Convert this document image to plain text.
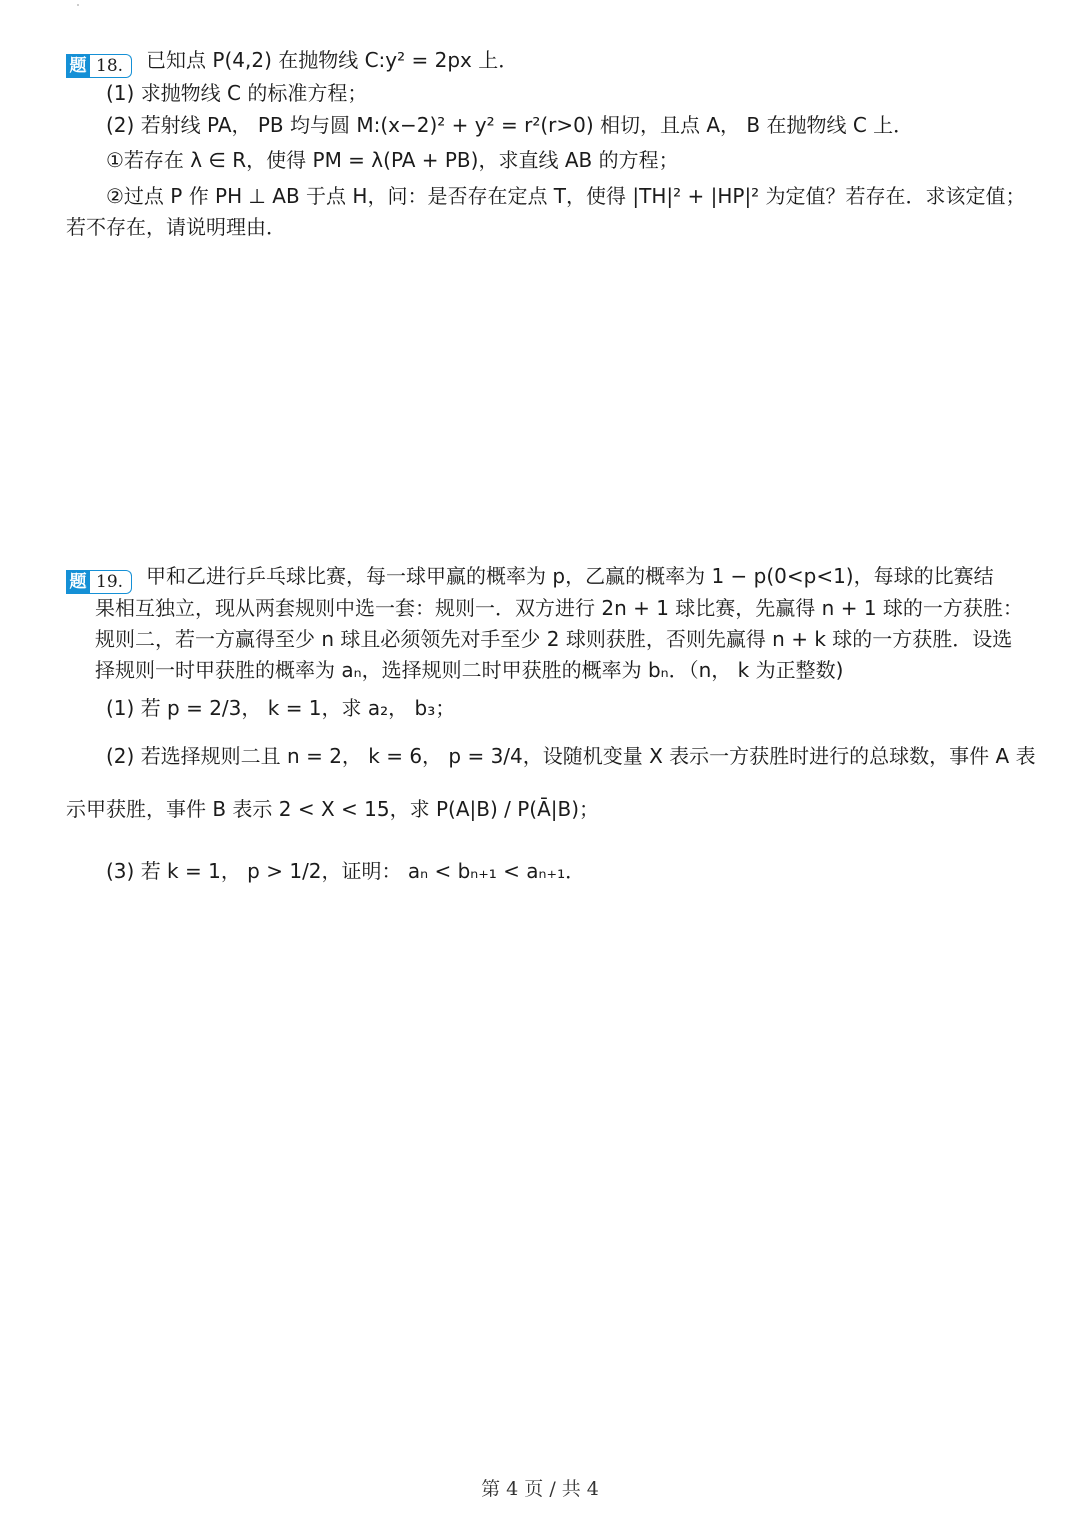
题 18.	已知点 P(4,2) 在抛物线 C:y² = 2px 上．
(1) 求抛物线 C 的标准方程；
(2) 若射线 PA， PB 均与圆 M:(x−2)² + y² = r²(r>0) 相切，且点 A， B 在抛物线 C 上．
①若存在 λ ∈ R，使得 PM = λ(PA + PB)，求直线 AB 的方程；
②过点 P 作 PH ⊥ AB 于点 H，问：是否存在定点 T，使得 |TH|² + |HP|² 为定值？若存在．求该定值；
若不存在，请说明理由．
题 19.	甲和乙进行乒乓球比赛，每一球甲赢的概率为 p，乙赢的概率为 1 − p(0<p<1)，每球的比赛结
果相互独立，现从两套规则中选一套：规则一．双方进行 2n + 1 球比赛，先赢得 n + 1 球的一方获胜：
规则二，若一方赢得至少 n 球且必须领先对手至少 2 球则获胜，否则先赢得 n + k 球的一方获胜．设选
择规则一时甲获胜的概率为 aₙ，选择规则二时甲获胜的概率为 bₙ．（n， k 为正整数)
(1) 若 p = 2/3， k = 1，求 a₂， b₃；
(2) 若选择规则二且 n = 2， k = 6， p = 3/4，设随机变量 X 表示一方获胜时进行的总球数，事件 A 表
示甲获胜，事件 B 表示 2 < X < 15，求 P(A|B) / P(Ā|B)；
(3) 若 k = 1， p > 1/2，证明： aₙ < bₙ₊₁ < aₙ₊₁．
第 4 页 / 共 4
